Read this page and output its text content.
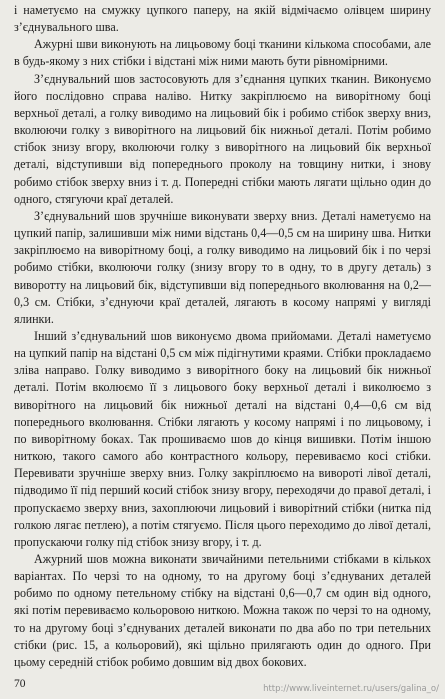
і наметуємо на смужку цупкого паперу, на якій відмічаємо олівцем ширину з’єднувального шва.

Ажурні шви виконують на лицьовому боці тканини кількома способами, але в будь-якому з них стібки і відстані між ними мають бути рівномірними.

З’єднувальний шов застосовують для з’єднання цупких тканин. Виконуємо його послідовно справа наліво. Нитку закріплюємо на виворітному боці верхньої деталі, а голку виводимо на лицьовий бік і робимо стібок зверху вниз, вколюючи голку з виворітного на лицьовий бік нижньої деталі. Потім робимо стібок знизу вгору, вколюючи голку з виворітного на лицьовий бік верхньої деталі, відступивши від попереднього проколу на товщину нитки, і знову робимо стібок зверху вниз і т. д. Попередні стібки мають лягати щільно один до одного, стягуючи краї деталей.

З’єднувальний шов зручніше виконувати зверху вниз. Деталі наметуємо на цупкий папір, залишивши між ними відстань 0,4—0,5 см на ширину шва. Нитки закріплюємо на виворітному боці, а голку виводимо на лицьовий бік і по черзі робимо стібки, вколюючи голку (знизу вгору то в одну, то в другу деталь) з виворотту на лицьовий бік, відступивши від попереднього вколювання на 0,2—0,3 см. Стібки, з’єднуючи краї деталей, лягають в косому напрямі у вигляді ялинки.

Інший з’єднувальний шов виконуємо двома прийомами. Деталі наметуємо на цупкий папір на відстані 0,5 см між підігнутими краями. Стібки прокладаємо зліва направо. Голку виводимо з виворітного боку на лицьовий бік нижньої деталі. Потім вколюємо її з лицьового боку верхньої деталі і виколюємо з виворітного на лицьовий бік нижньої деталі на відстані 0,4—0,6 см від попереднього вколювання. Стібки лягають у косому напрямі і по лицьовому, і по виворітному боках. Так прошиваємо шов до кінця вишивки. Потім іншою ниткою, такого самого або контрастного кольору, перевиваємо косі стібки. Перевивати зручніше зверху вниз. Голку закріплюємо на вивороті лівої деталі, підводимо її під перший косий стібок знизу вгору, переходячи до правої деталі, і пропускаємо зверху вниз, захоплюючи лицьовий і виворітний стібки (нитка під голкою лягає петлею), а потім стягуємо. Після цього переходимо до лівої деталі, пропускаючи голку під стібок знизу вгору, і т. д.

Ажурний шов можна виконати звичайними петельними стібками в кількох варіантах. По черзі то на одному, то на другому боці з’єднуваних деталей робимо по одному петельному стібку на відстані 0,6—0,7 см один від одного, які потім перевиваємо кольоровою ниткою. Можна також по черзі то на одному, то на другому боці з’єднуваних деталей виконати по два або по три петельних стібки (рис. 15, а кольоровий), які щільно прилягають один до одного. При цьому середній стібок робимо довшим від двох бокових.

70	http://www.liveinternet.ru/users/galina_o/
